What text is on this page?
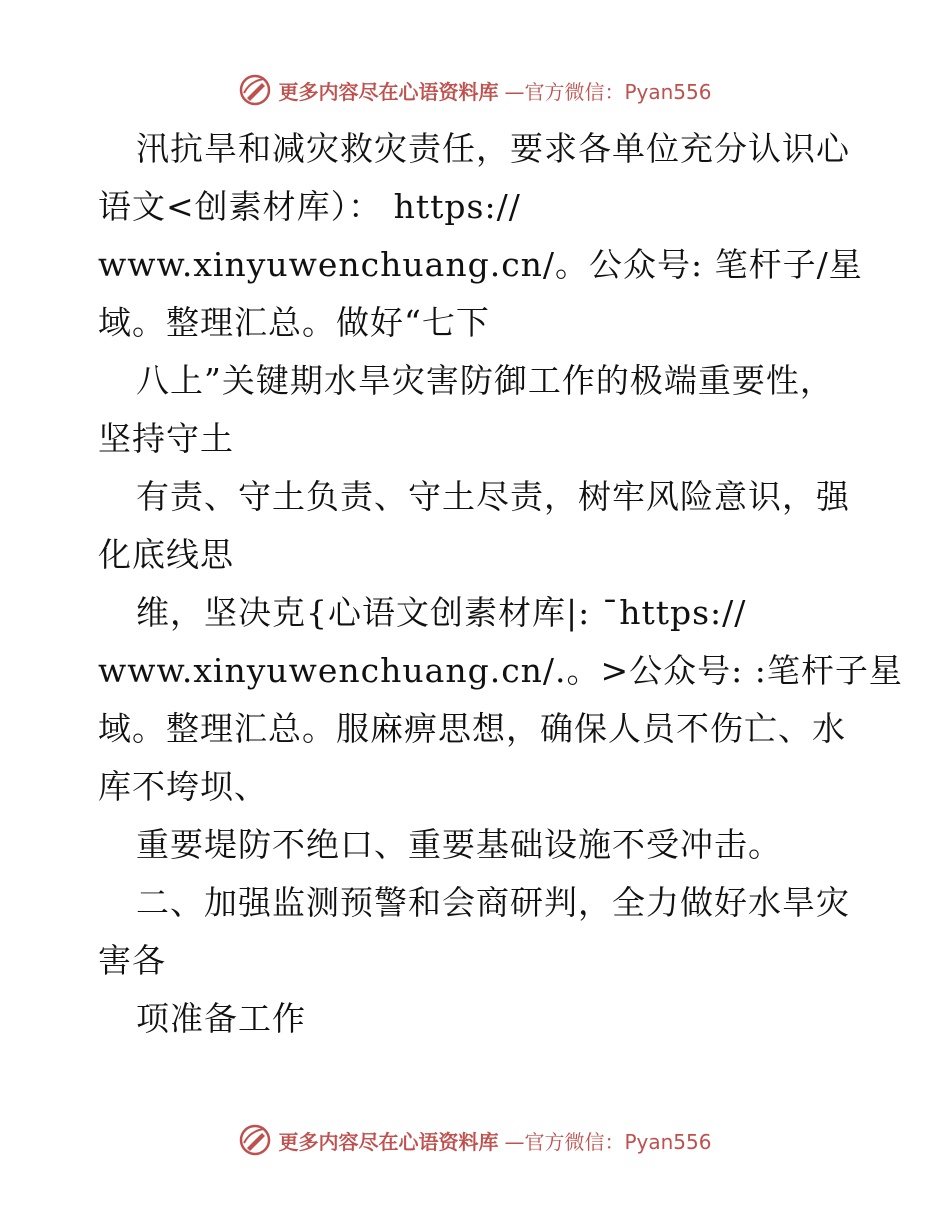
更多内容尽在心语资料库 —官方微信：Pyan556
汛抗旱和减灾救灾责任，要求各单位充分认识心
语文<创素材库）： https://
www.xinyuwenchuang.cn/。公众号: 笔杆子/星
域。整理汇总。做好“七下
八上”关键期水旱灾害防御工作的极端重要性，
坚持守土
有责、守土负责、守土尽责，树牢风险意识，强
化底线思
维，坚决克{心语文创素材库|: ¯https://
www.xinyuwenchuang.cn/.。>公众号: :笔杆子星
域。整理汇总。服麻痹思想，确保人员不伤亡、水
库不垮坝、
重要堤防不绝口、重要基础设施不受冲击。
二、加强监测预警和会商研判，全力做好水旱灾
害各
项准备工作
更多内容尽在心语资料库 —官方微信：Pyan556
